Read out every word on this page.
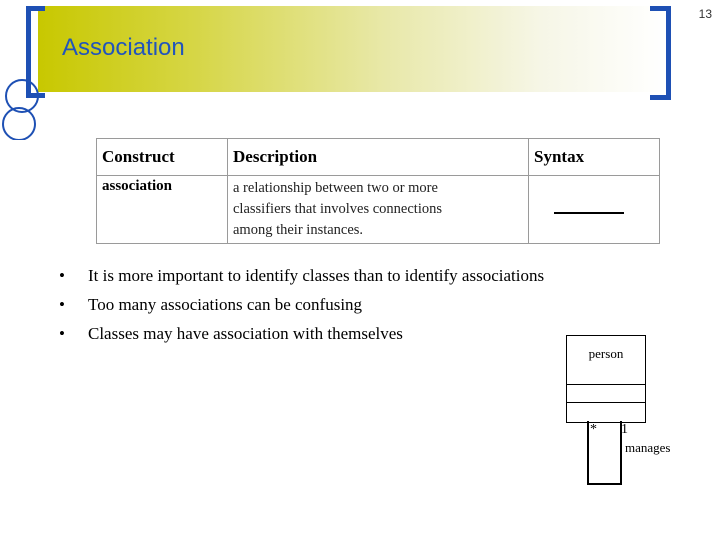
13
Association
Construct	Description	Syntax
association	a relationship between two or more
classifiers that involves connections
among their instances.	

• It is more important to identify classes than to identify associations
• Too many associations can be confusing
• Classes may have association with themselves
person
* 1
manages
